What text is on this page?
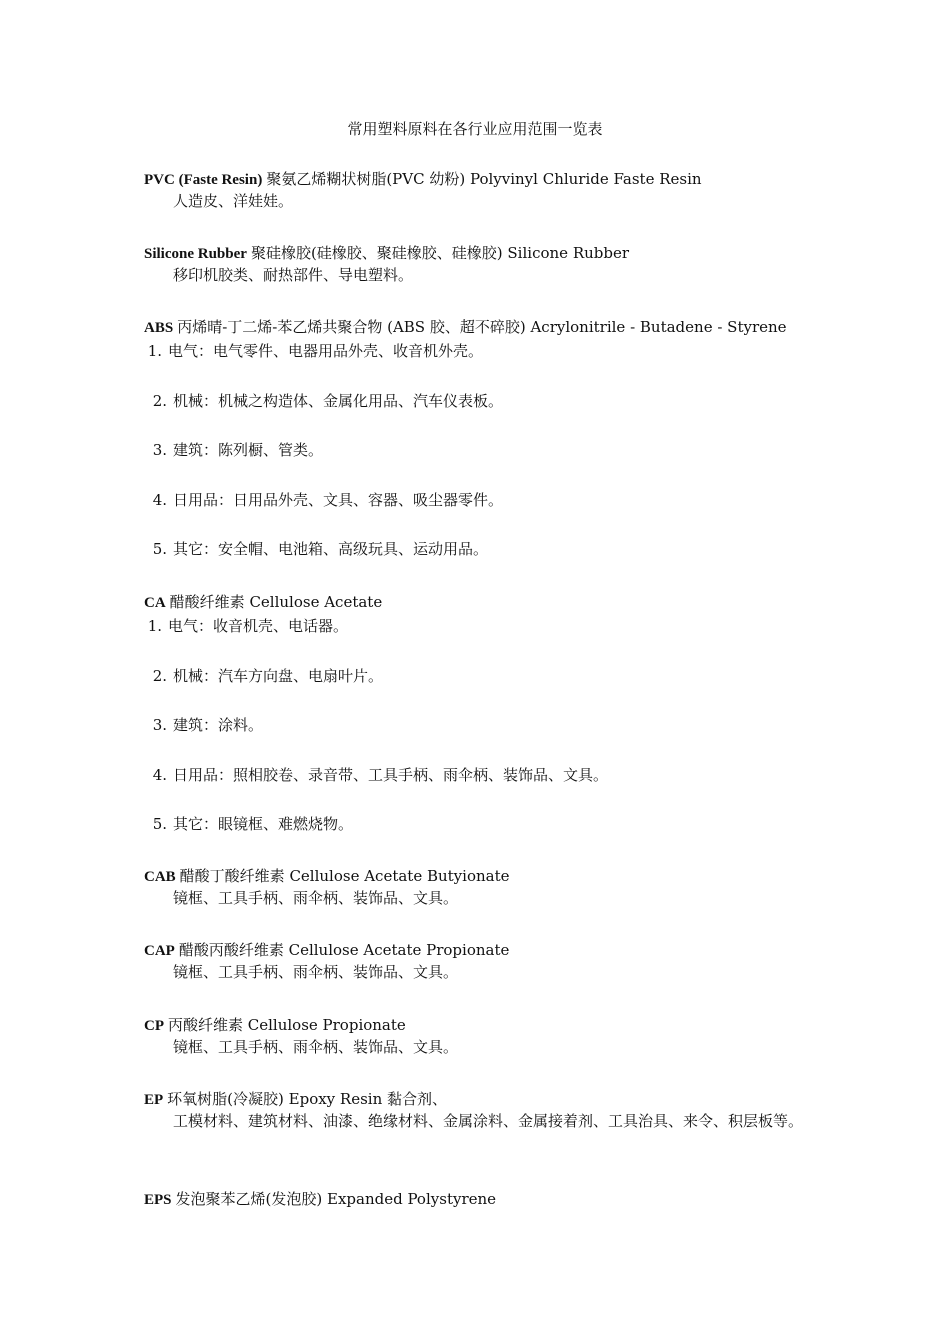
常用塑料原料在各行业应用范围一览表
PVC (Faste Resin) 聚氨乙烯糊状树脂(PVC 幼粉) Polyvinyl Chluride Faste Resin
人造皮、洋娃娃。
Silicone Rubber 聚硅橡胶(硅橡胶、聚硅橡胶、硅橡胶) Silicone Rubber
移印机胶类、耐热部件、导电塑料。
ABS 丙烯晴-丁二烯-苯乙烯共聚合物 (ABS 胶、超不碎胶) Acrylonitrile - Butadene - Styrene
1. 电气：电气零件、电器用品外壳、收音机外壳。
2. 机械：机械之构造体、金属化用品、汽车仪表板。
3. 建筑：陈列橱、管类。
4. 日用品：日用品外壳、文具、容器、吸尘器零件。
5. 其它：安全帽、电池箱、高级玩具、运动用品。
CA 醋酸纤维素 Cellulose Acetate
1. 电气：收音机壳、电话器。
2. 机械：汽车方向盘、电扇叶片。
3. 建筑：涂料。
4. 日用品：照相胶卷、录音带、工具手柄、雨伞柄、装饰品、文具。
5. 其它：眼镜框、难燃烧物。
CAB 醋酸丁酸纤维素 Cellulose Acetate Butyionate
镜框、工具手柄、雨伞柄、装饰品、文具。
CAP 醋酸丙酸纤维素 Cellulose Acetate Propionate
镜框、工具手柄、雨伞柄、装饰品、文具。
CP 丙酸纤维素 Cellulose Propionate
镜框、工具手柄、雨伞柄、装饰品、文具。
EP 环氧树脂(冷凝胶) Epoxy Resin 黏合剂、
工模材料、建筑材料、油漆、绝缘材料、金属涂料、金属接着剂、工具治具、来令、积层板等。
EPS 发泡聚苯乙烯(发泡胶) Expanded Polystyrene
